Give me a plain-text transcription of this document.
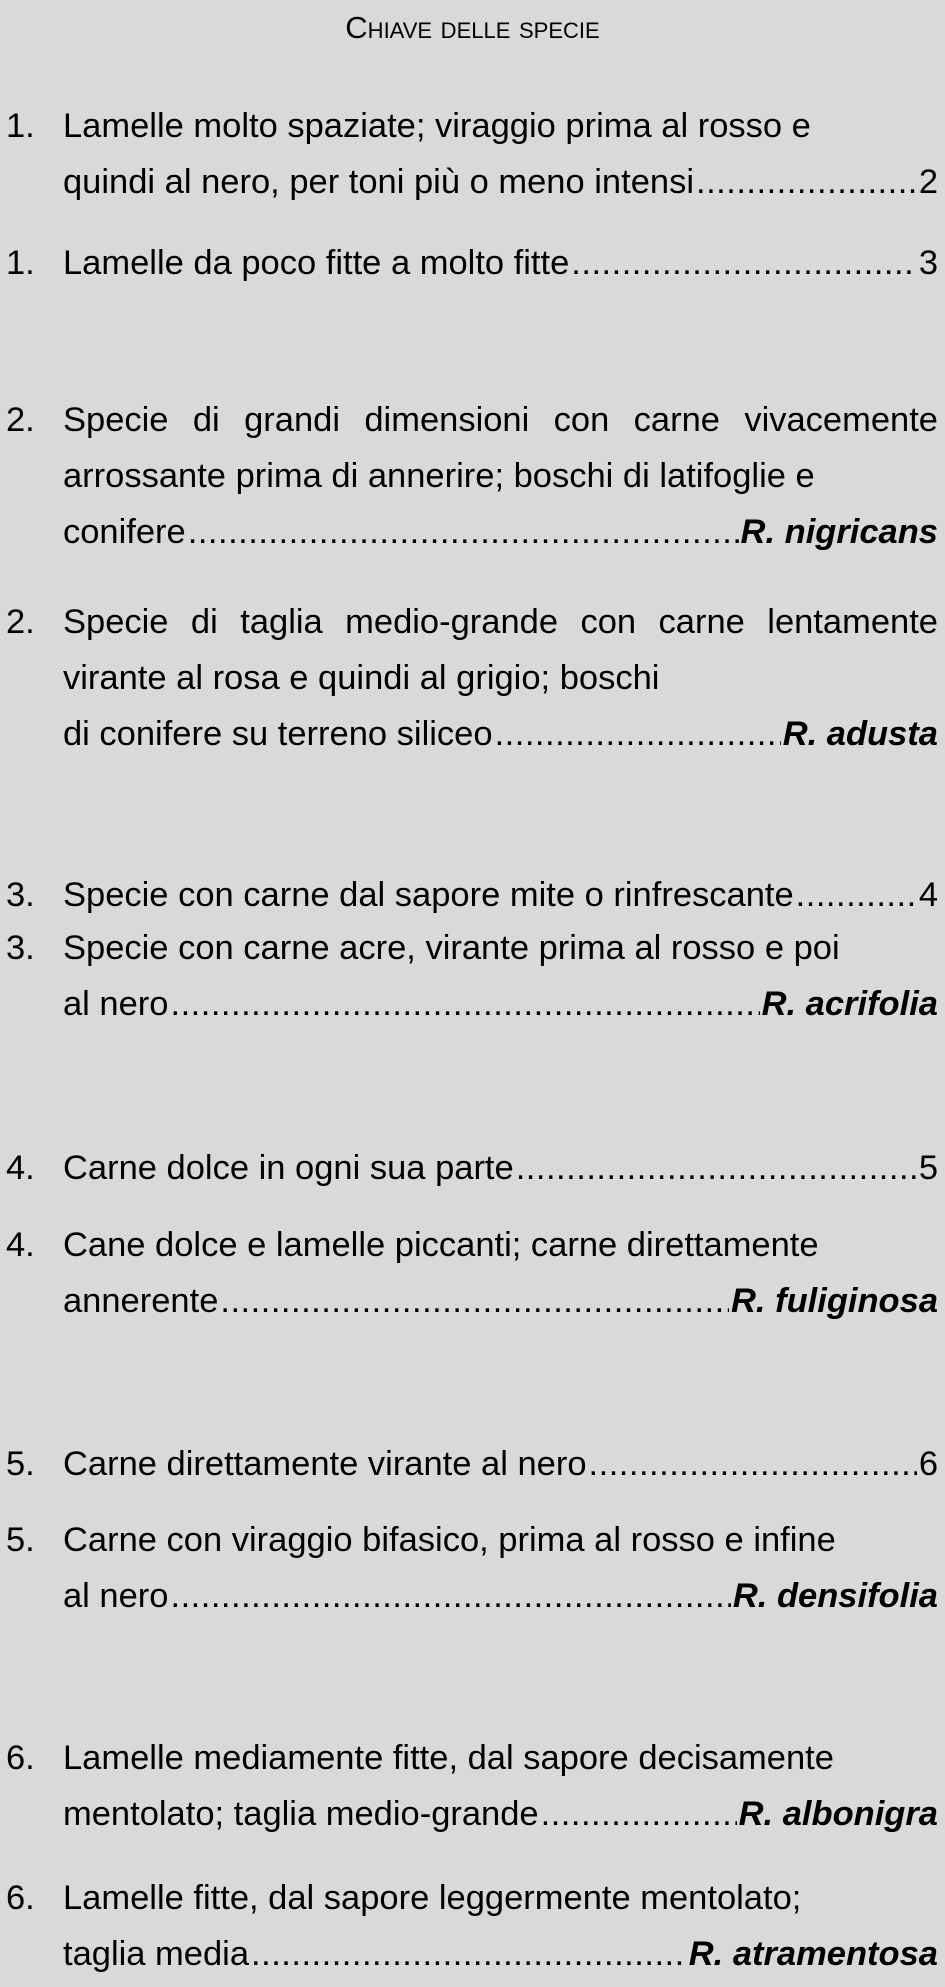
Chiave delle specie
1. Lamelle molto spaziate; viraggio prima al rosso e
quindi al nero, per toni più o meno intensi .....	2
1. Lamelle da poco fitte a molto fitte .....	3
2. Specie di grandi dimensioni con carne vivacemente arrossante prima di annerire; boschi di latifoglie e
conifere .....	R. nigricans
2. Specie di taglia medio-grande con carne lentamente virante al rosa e quindi al grigio; boschi
di conifere su terreno siliceo .....	R. adusta
3. Specie con carne dal sapore mite o rinfrescante .....	4
3. Specie con carne acre, virante prima al rosso e poi
al nero .....	R. acrifolia
4. Carne dolce in ogni sua parte .....	5
4. Cane dolce e lamelle piccanti; carne direttamente
annerente .....	R. fuliginosa
5. Carne direttamente virante al nero .....	6
5. Carne con viraggio bifasico, prima al rosso e infine
al nero .....	R. densifolia
6. Lamelle mediamente fitte, dal sapore decisamente
mentolato; taglia medio-grande .....	R. albonigra
6. Lamelle fitte, dal sapore leggermente mentolato;
taglia media .....	R. atramentosa
